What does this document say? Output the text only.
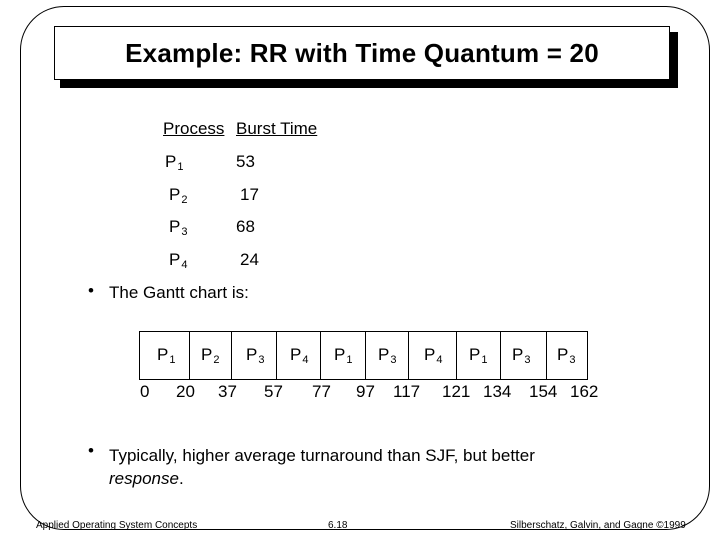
Example: RR with Time Quantum = 20
Process Burst Time
$P_1$	53
$P_2$	17
$P_3$	68
$P_4$	24
• The Gantt chart is:
$P_1$ $P_2$ $P_3$ $P_4$ $P_1$ $P_3$ $P_4$ $P_1$ $P_3$ $P_3$
0 20 37 57 77 97 117 121 134 154 162
• Typically, higher average turnaround than SJF, but better
response.
Applied Operating System Concepts	6.18	Silberschatz, Galvin, and Gagne ©1999
